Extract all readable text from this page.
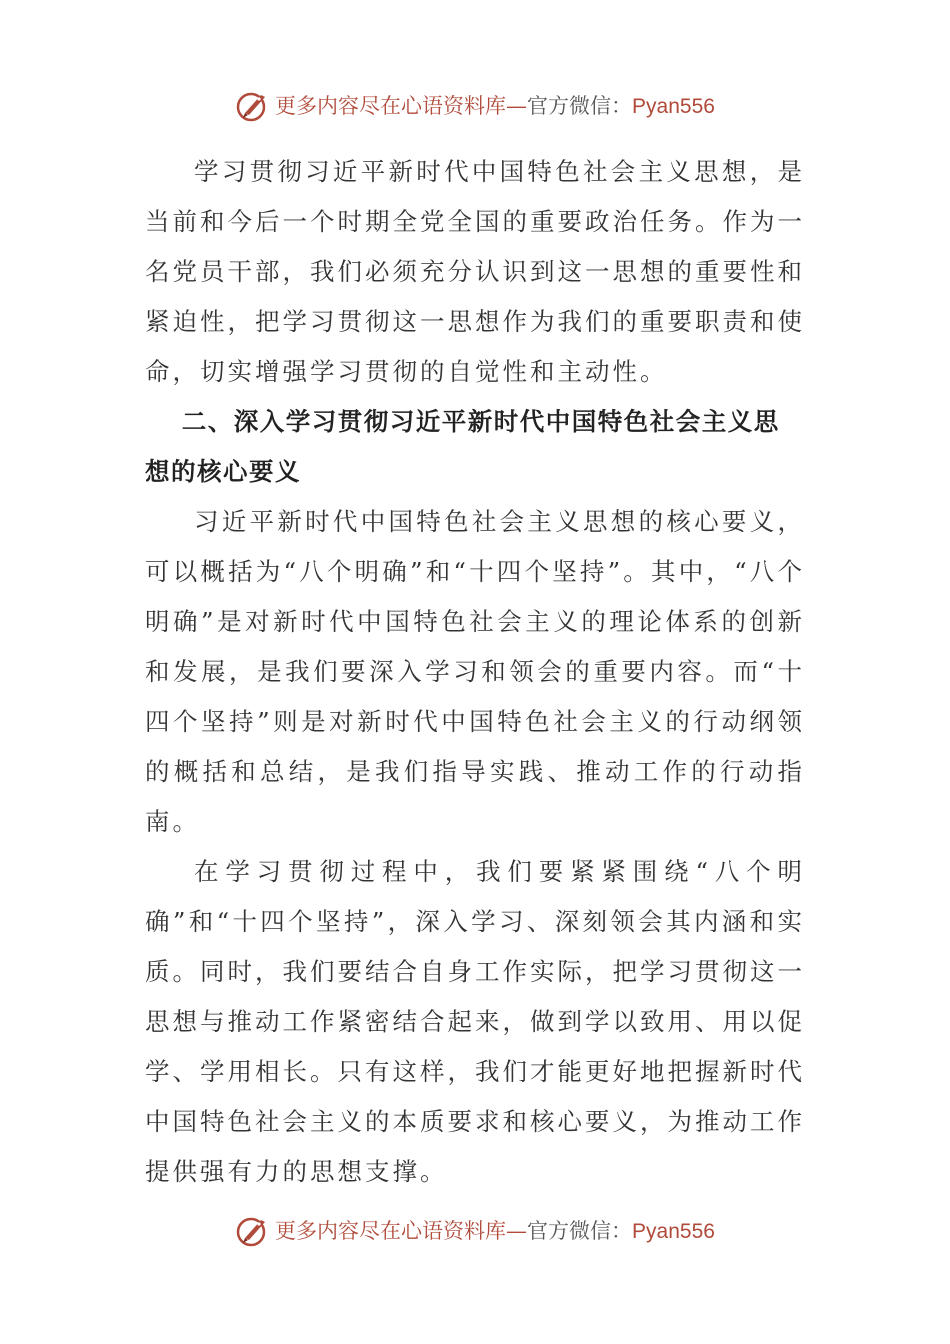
更多内容尽在心语资料库—官方微信：Pyan556

学习贯彻习近平新时代中国特色社会主义思想，是当前和今后一个时期全党全国的重要政治任务。作为一名党员干部，我们必须充分认识到这一思想的重要性和紧迫性，把学习贯彻这一思想作为我们的重要职责和使命，切实增强学习贯彻的自觉性和主动性。

二、深入学习贯彻习近平新时代中国特色社会主义思想的核心要义

习近平新时代中国特色社会主义思想的核心要义，可以概括为“八个明确”和“十四个坚持”。其中，“八个明确”是对新时代中国特色社会主义的理论体系的创新和发展，是我们要深入学习和领会的重要内容。而“十四个坚持”则是对新时代中国特色社会主义的行动纲领的概括和总结，是我们指导实践、推动工作的行动指南。

在学习贯彻过程中，我们要紧紧围绕“八个明确”和“十四个坚持”，深入学习、深刻领会其内涵和实质。同时，我们要结合自身工作实际，把学习贯彻这一思想与推动工作紧密结合起来，做到学以致用、用以促学、学用相长。只有这样，我们才能更好地把握新时代中国特色社会主义的本质要求和核心要义，为推动工作提供强有力的思想支撑。

更多内容尽在心语资料库—官方微信：Pyan556
